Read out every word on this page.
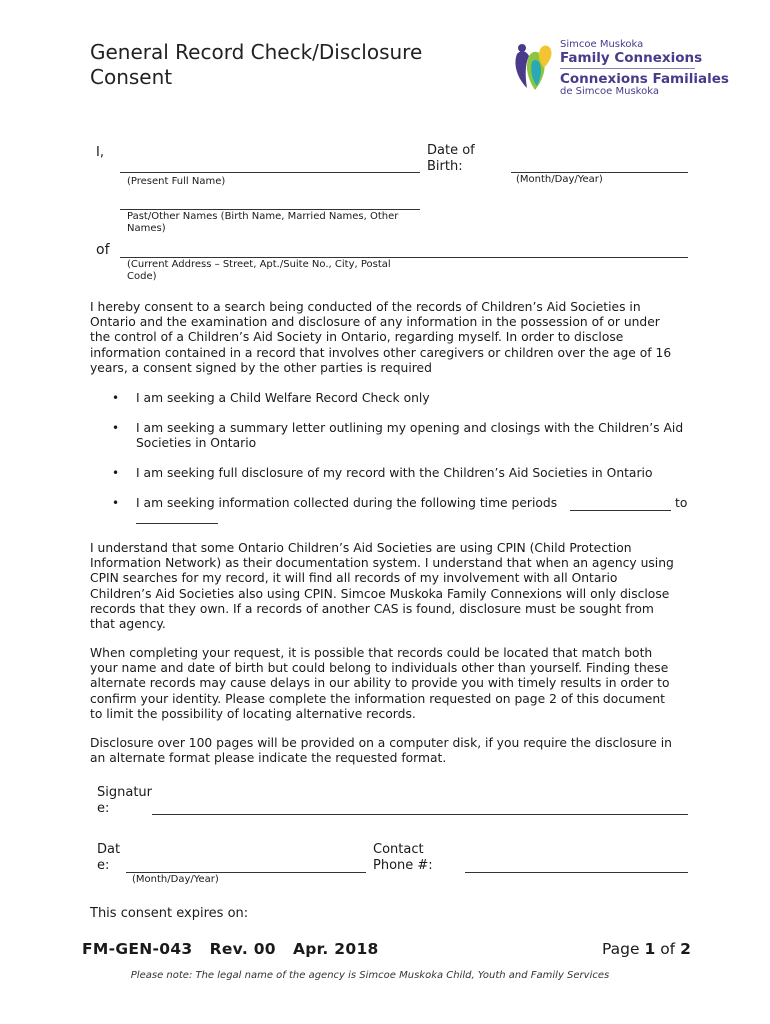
General Record Check/Disclosure
Consent
Simcoe Muskoka
Family Connexions
Connexions Familiales
de Simcoe Muskoka
I,
(Present Full Name)
Date of
Birth:
(Month/Day/Year)
Past/Other Names (Birth Name, Married Names, Other
Names)
of
(Current Address – Street, Apt./Suite No., City, Postal
Code)
I hereby consent to a search being conducted of the records of Children’s Aid Societies in
Ontario and the examination and disclosure of any information in the possession of or under
the control of a Children’s Aid Society in Ontario, regarding myself. In order to disclose
information contained in a record that involves other caregivers or children over the age of 16
years, a consent signed by the other parties is required
• I am seeking a Child Welfare Record Check only
• I am seeking a summary letter outlining my opening and closings with the Children’s Aid
Societies in Ontario
• I am seeking full disclosure of my record with the Children’s Aid Societies in Ontario
• I am seeking information collected during the following time periods	to
I understand that some Ontario Children’s Aid Societies are using CPIN (Child Protection
Information Network) as their documentation system. I understand that when an agency using
CPIN searches for my record, it will find all records of my involvement with all Ontario
Children’s Aid Societies also using CPIN. Simcoe Muskoka Family Connexions will only disclose
records that they own. If a records of another CAS is found, disclosure must be sought from
that agency.
When completing your request, it is possible that records could be located that match both
your name and date of birth but could belong to individuals other than yourself. Finding these
alternate records may cause delays in our ability to provide you with timely results in order to
confirm your identity. Please complete the information requested on page 2 of this document
to limit the possibility of locating alternative records.
Disclosure over 100 pages will be provided on a computer disk, if you require the disclosure in
an alternate format please indicate the requested format.
Signatur
e:
Dat
e:
(Month/Day/Year)
Contact
Phone #:
This consent expires on:
FM-GEN-043 Rev. 00 Apr. 2018	Page 1 of 2
Please note: The legal name of the agency is Simcoe Muskoka Child, Youth and Family Services
